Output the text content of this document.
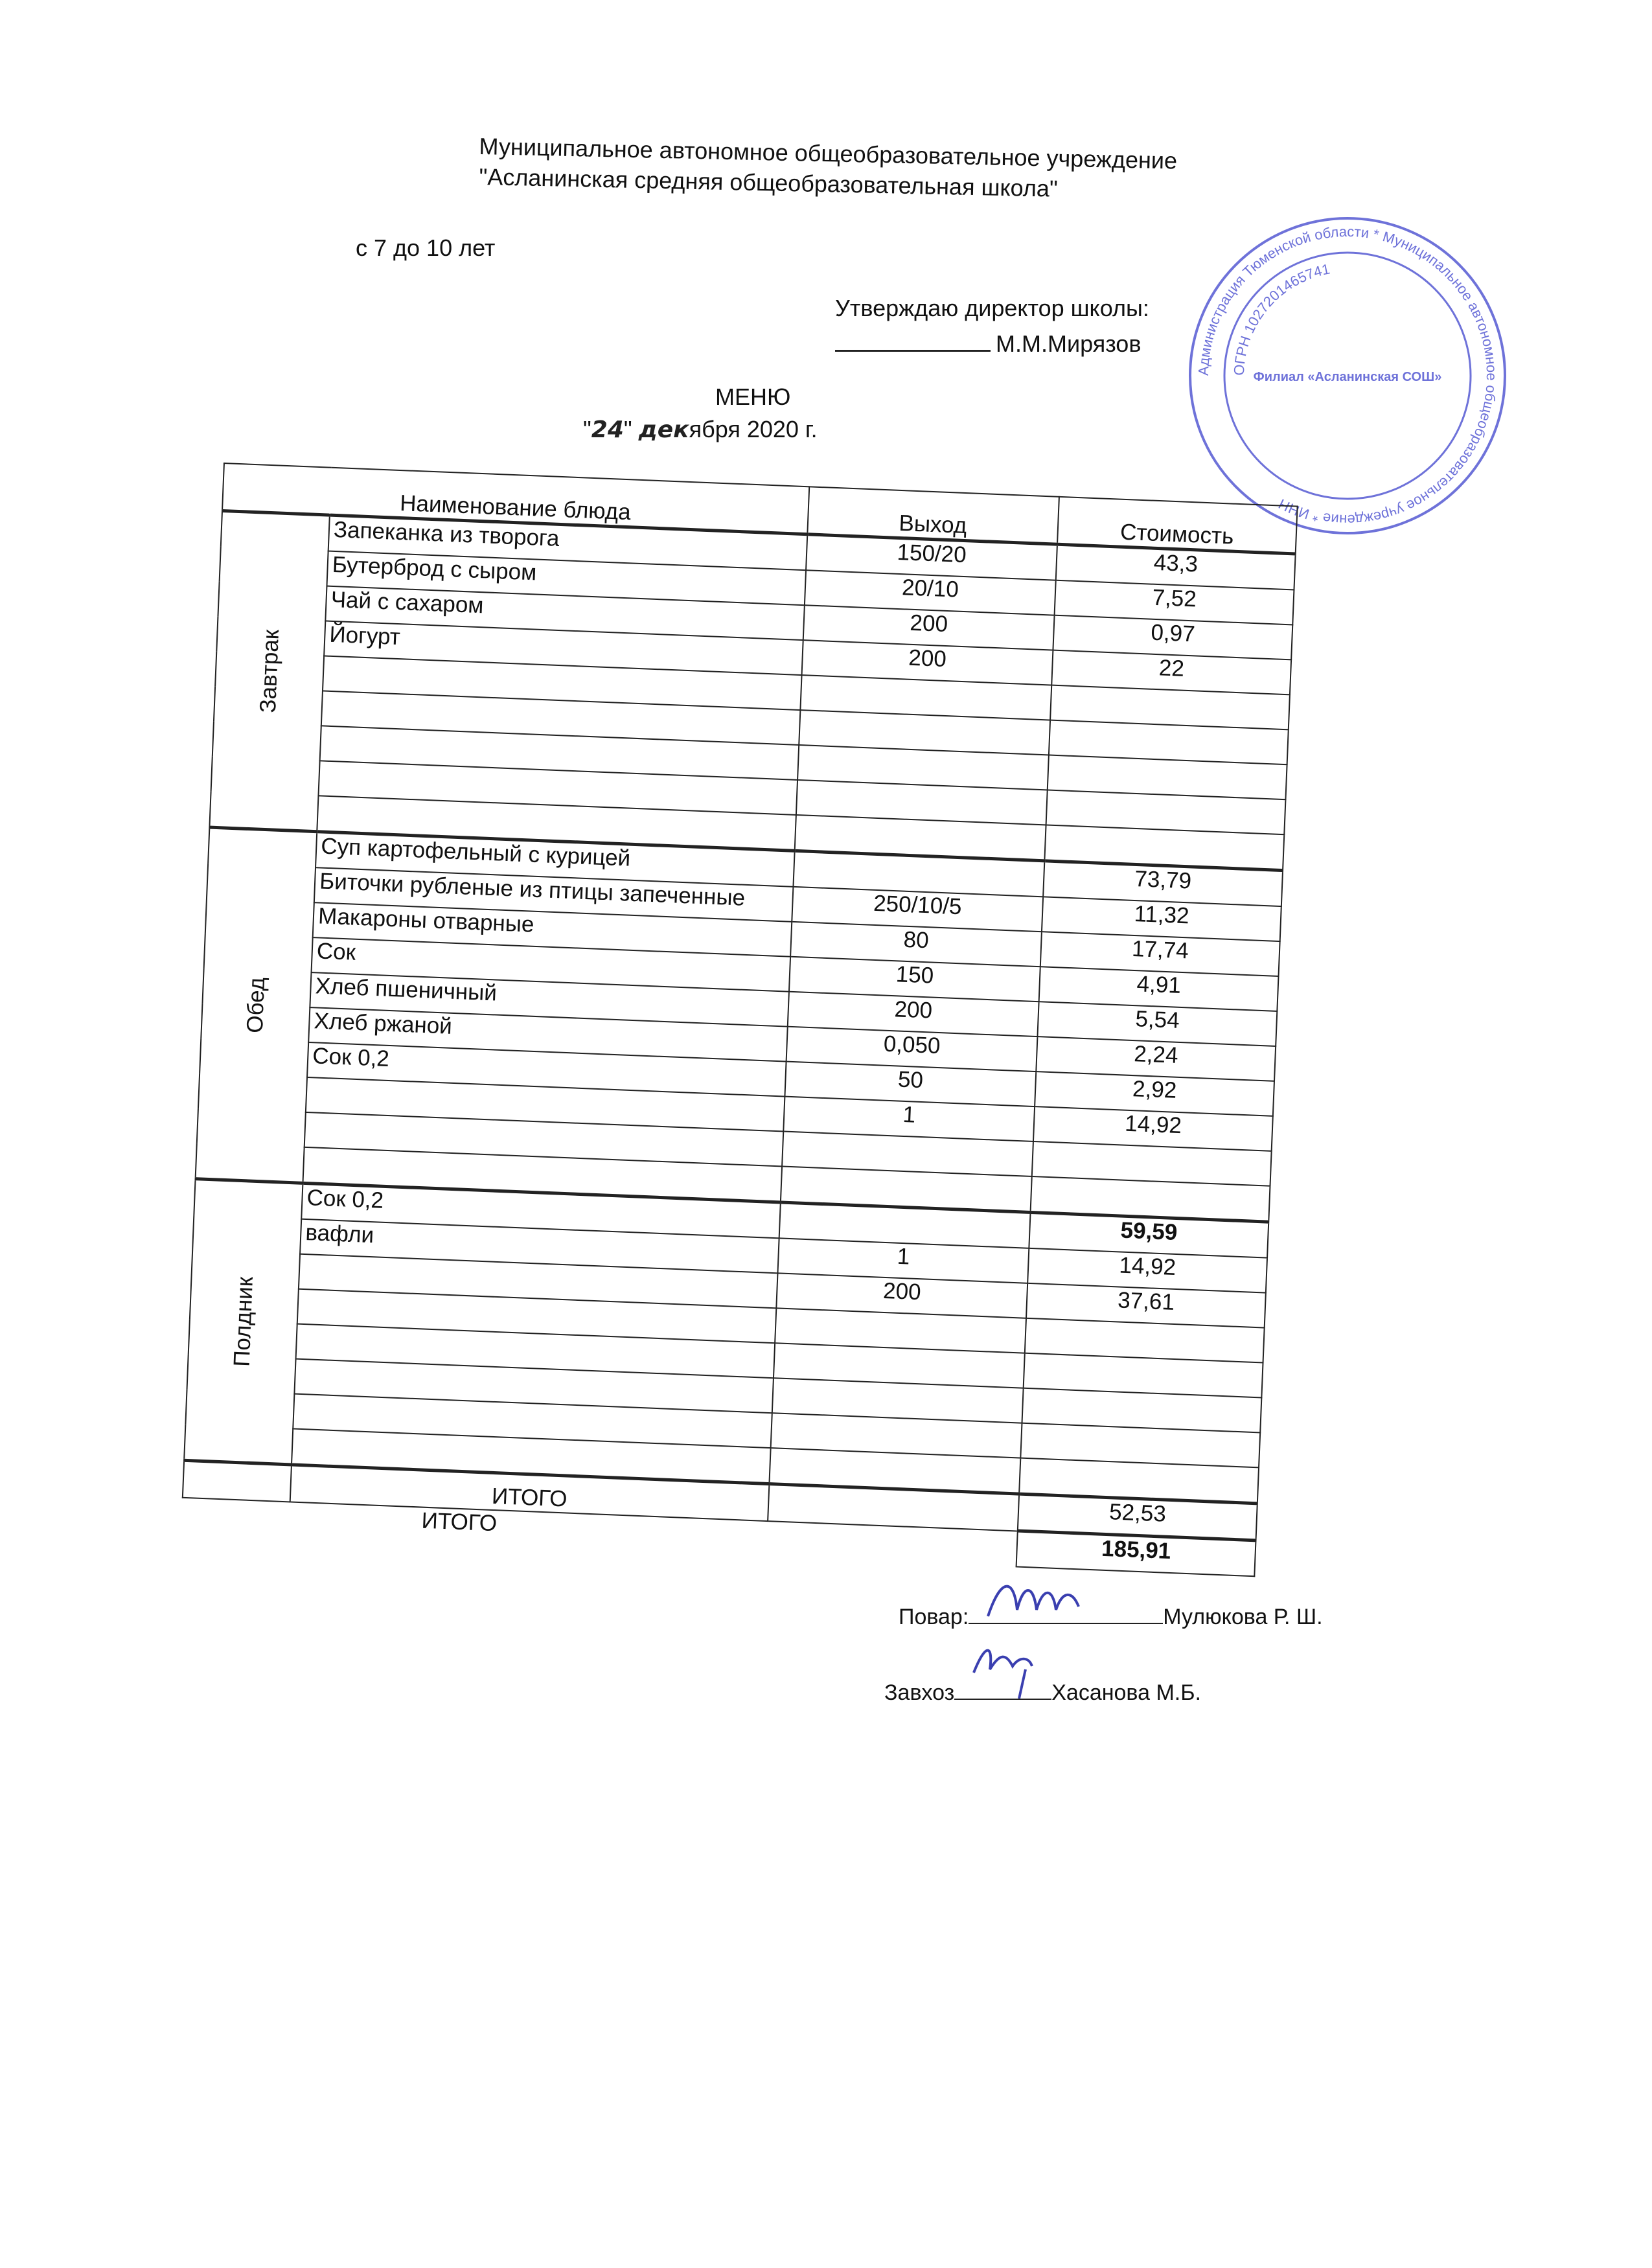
Муниципальное автономное общеобразовательное учреждение
"Асланинская средняя общеобразовательная школа"
с 7 до 10 лет
Администрация Тюменской области * Муниципальное автономное общеобразовательное учреждение * ИНН
ОГРН 1027201465741
Филиал «Асланинская СОШ»
Утверждаю директор школы:
М.М.Мирязов
МЕНЮ
"24" декября 2020 г.
Наименование блюда		Выход	Стоимость
Завтрак	Запеканка из творога	150/20	43,3
	Бутерброд с сыром	20/10	7,52
	Чай с сахаром	200	0,97
	Йогурт	200	22

Обед	Суп картофельный с курицей		73,79
	Биточки рубленые из птицы запеченные	250/10/5	11,32
	Макароны отварные	80	17,74
	Сок	150	4,91
	Хлеб пшеничный	200	5,54
	Хлеб ржаной	0,050	2,24
	Сок 0,2	50	2,92
		1	14,92

Полдник	Сок 0,2		59,59
	вафли	1	14,92
		200	37,61

	ИТОГО		52,53
ИТОГО			185,91
Повар:	Мулюкова Р. Ш.
Завхоз	Хасанова М.Б.
